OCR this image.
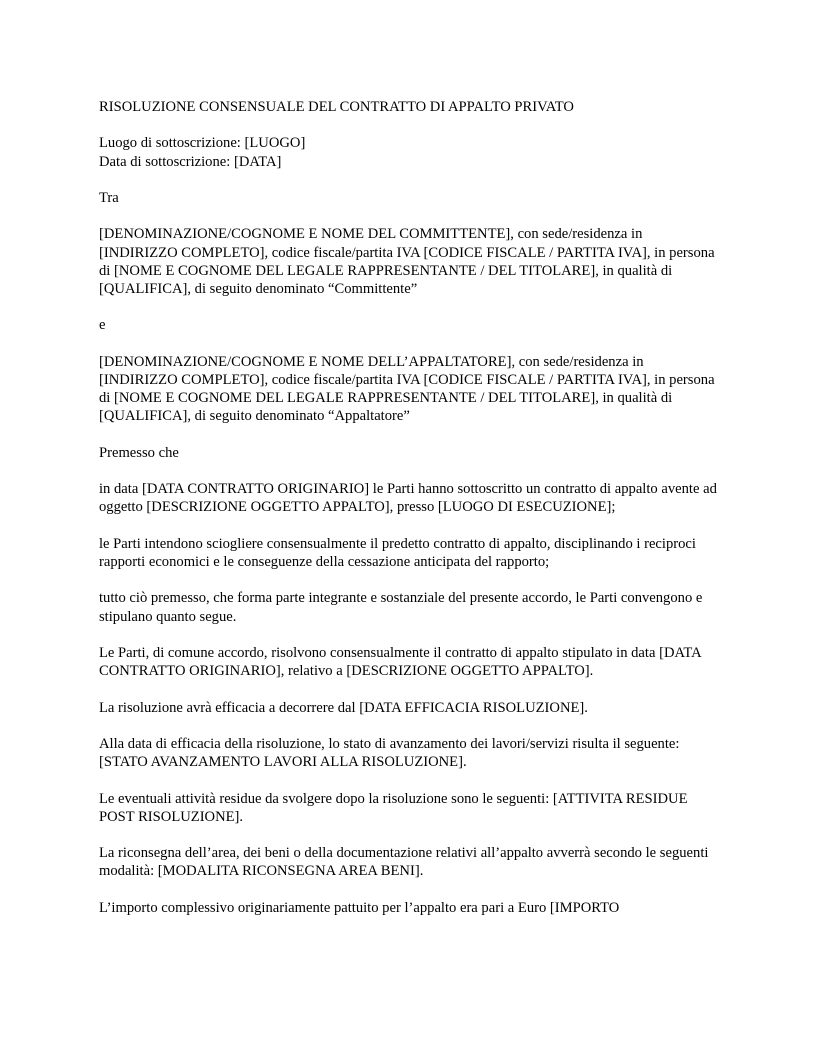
RISOLUZIONE CONSENSUALE DEL CONTRATTO DI APPALTO PRIVATO

Luogo di sottoscrizione: [LUOGO]

Data di sottoscrizione: [DATA]

Tra

[DENOMINAZIONE/COGNOME E NOME DEL COMMITTENTE], con sede/residenza in [INDIRIZZO COMPLETO], codice fiscale/partita IVA [CODICE FISCALE / PARTITA IVA], in persona di [NOME E COGNOME DEL LEGALE RAPPRESENTANTE / DEL TITOLARE], in qualità di [QUALIFICA], di seguito denominato “Committente”

e

[DENOMINAZIONE/COGNOME E NOME DELL’APPALTATORE], con sede/residenza in [INDIRIZZO COMPLETO], codice fiscale/partita IVA [CODICE FISCALE / PARTITA IVA], in persona di [NOME E COGNOME DEL LEGALE RAPPRESENTANTE / DEL TITOLARE], in qualità di [QUALIFICA], di seguito denominato “Appaltatore”

Premesso che

in data [DATA CONTRATTO ORIGINARIO] le Parti hanno sottoscritto un contratto di appalto avente ad oggetto [DESCRIZIONE OGGETTO APPALTO], presso [LUOGO DI ESECUZIONE];

le Parti intendono sciogliere consensualmente il predetto contratto di appalto, disciplinando i reciproci rapporti economici e le conseguenze della cessazione anticipata del rapporto;

tutto ciò premesso, che forma parte integrante e sostanziale del presente accordo, le Parti convengono e stipulano quanto segue.

Le Parti, di comune accordo, risolvono consensualmente il contratto di appalto stipulato in data [DATA CONTRATTO ORIGINARIO], relativo a [DESCRIZIONE OGGETTO APPALTO].

La risoluzione avrà efficacia a decorrere dal [DATA EFFICACIA RISOLUZIONE].

Alla data di efficacia della risoluzione, lo stato di avanzamento dei lavori/servizi risulta il seguente: [STATO AVANZAMENTO LAVORI ALLA RISOLUZIONE].

Le eventuali attività residue da svolgere dopo la risoluzione sono le seguenti: [ATTIVITA RESIDUE POST RISOLUZIONE].

La riconsegna dell’area, dei beni o della documentazione relativi all’appalto avverrà secondo le seguenti modalità: [MODALITA RICONSEGNA AREA BENI].

L’importo complessivo originariamente pattuito per l’appalto era pari a Euro [IMPORTO
